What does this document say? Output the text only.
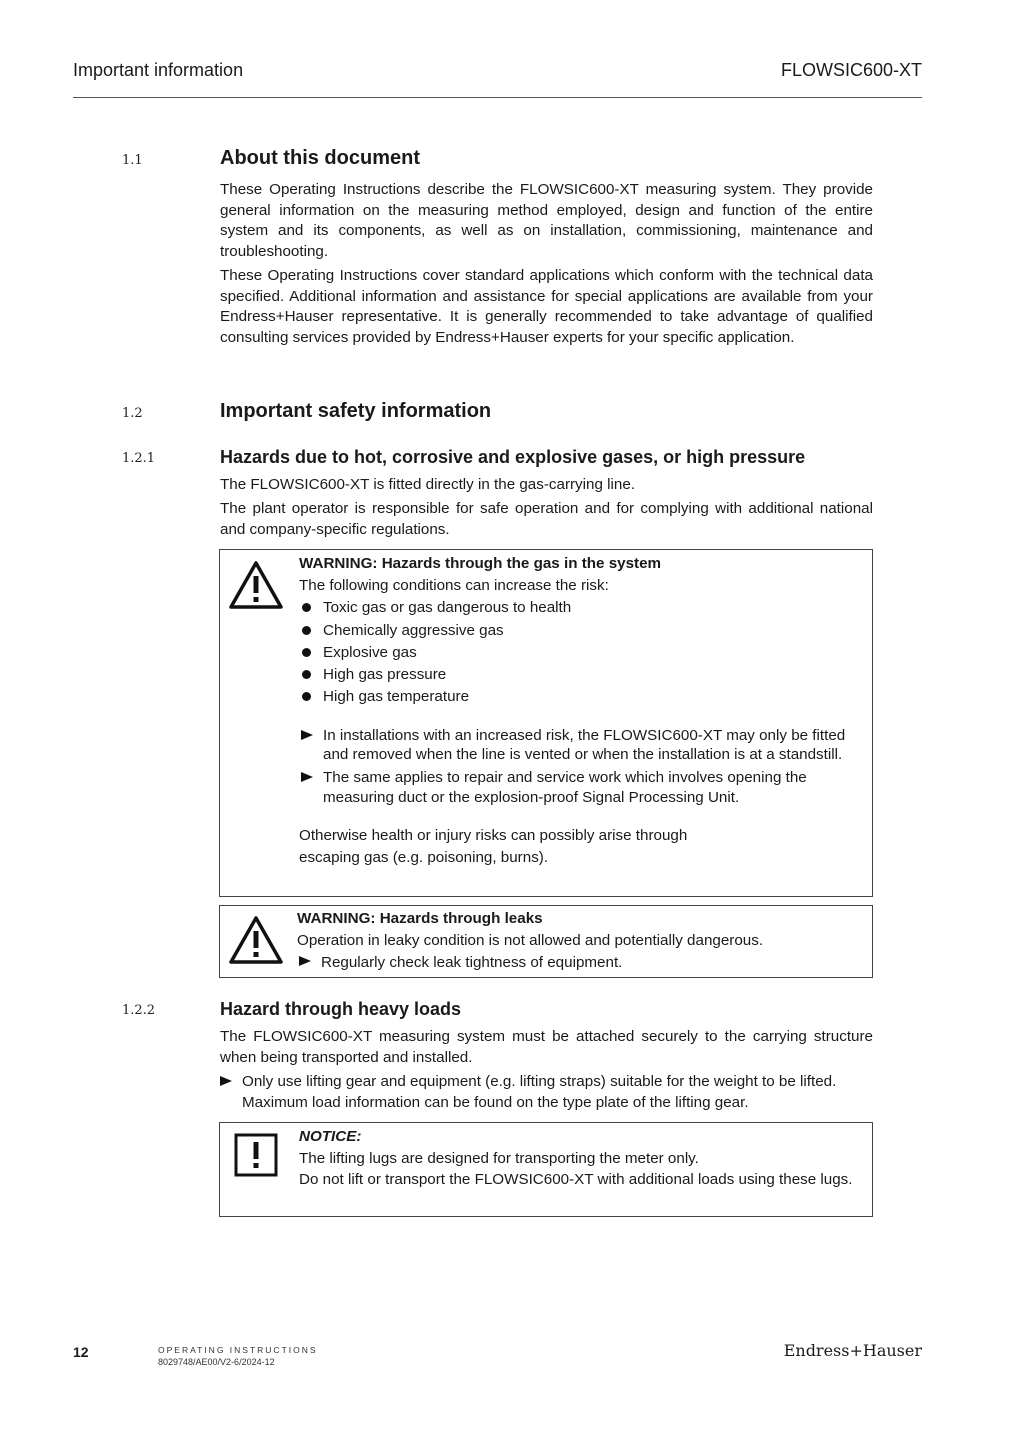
Important information	FLOWSIC600-XT
1.1	About this document

These Operating Instructions describe the FLOWSIC600-XT measuring system. They provide general information on the measuring method employed, design and function of the entire system and its components, as well as on installation, commissioning, maintenance and troubleshooting.

These Operating Instructions cover standard applications which conform with the technical data specified. Additional information and assistance for special applications are available from your Endress+Hauser representative. It is generally recommended to take advantage of qualified consulting services provided by Endress+Hauser experts for your specific application.

1.2	Important safety information
1.2.1	Hazards due to hot, corrosive and explosive gases, or high pressure

The FLOWSIC600-XT is fitted directly in the gas-carrying line.

The plant operator is responsible for safe operation and for complying with additional national and company-specific regulations.

WARNING: Hazards through the gas in the system

The following conditions can increase the risk:

Toxic gas or gas dangerous to health
Chemically aggressive gas
Explosive gas
High gas pressure
High gas temperature
In installations with an increased risk, the FLOWSIC600-XT may only be fitted and removed when the line is vented or when the installation is at a standstill.
The same applies to repair and service work which involves opening the measuring duct or the explosion-proof Signal Processing Unit.

Otherwise health or injury risks can possibly arise through

escaping gas (e.g. poisoning, burns).

WARNING: Hazards through leaks

Operation in leaky condition is not allowed and potentially dangerous.

Regularly check leak tightness of equipment.
1.2.2	Hazard through heavy loads

The FLOWSIC600-XT measuring system must be attached securely to the carrying structure when being transported and installed.

Only use lifting gear and equipment (e.g. lifting straps) suitable for the weight to be lifted. Maximum load information can be found on the type plate of the lifting gear.
NOTICE:

The lifting lugs are designed for transporting the meter only.

Do not lift or transport the FLOWSIC600-XT with additional loads using these lugs.

12	OPERATING INSTRUCTIONS
8029748/AE00/V2-6/2024-12
Endress+Hauser
